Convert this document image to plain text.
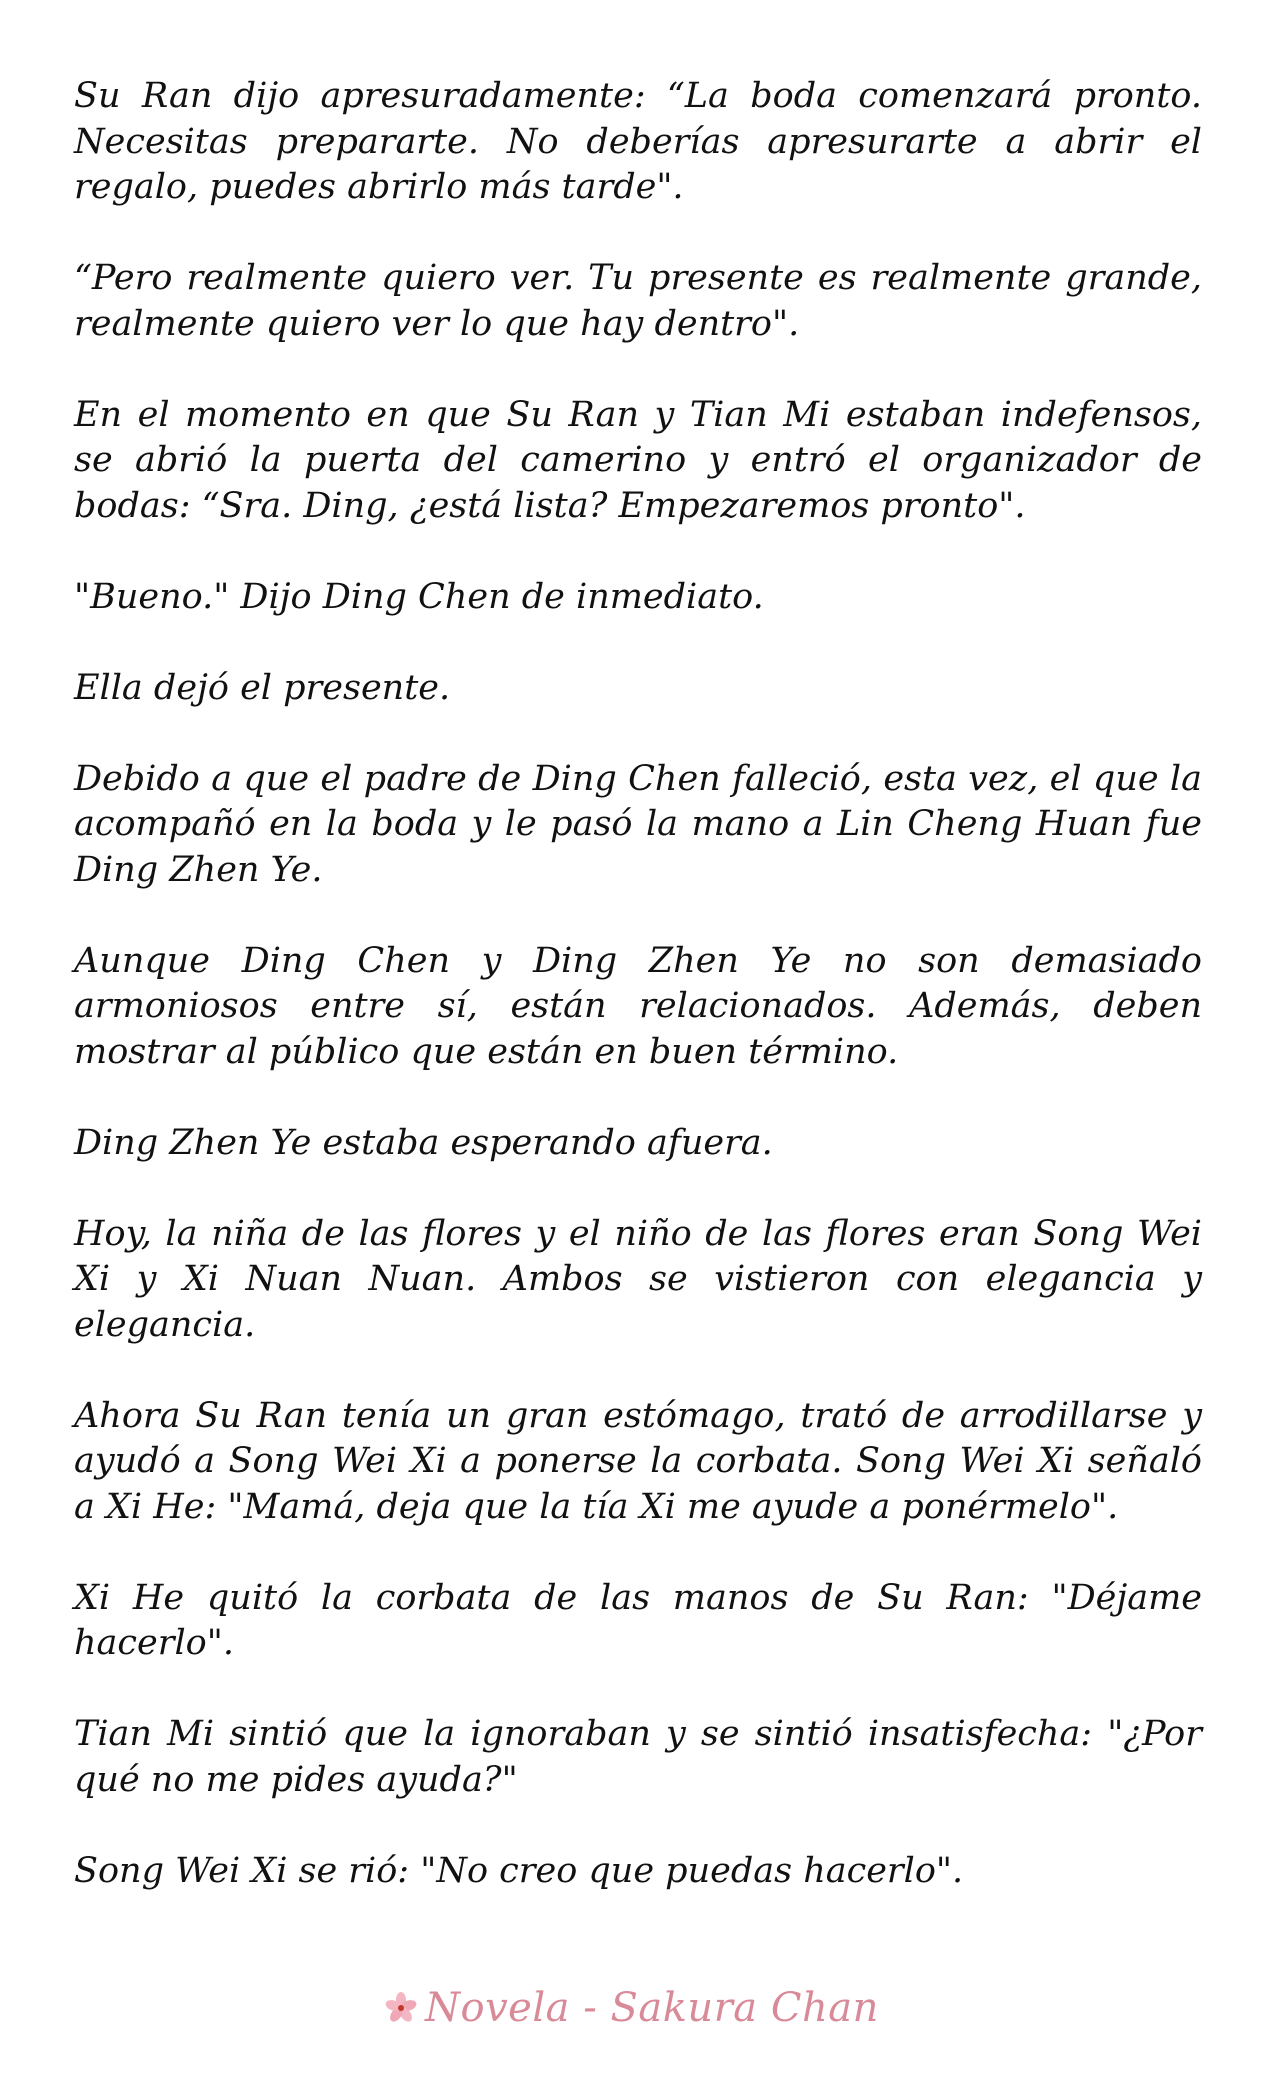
Su Ran dijo apresuradamente: “La boda comenzará pronto. Necesitas prepararte. No deberías apresurarte a abrir el regalo, puedes abrirlo más tarde".

“Pero realmente quiero ver. Tu presente es realmente grande, realmente quiero ver lo que hay dentro".

En el momento en que Su Ran y Tian Mi estaban indefensos, se abrió la puerta del camerino y entró el organizador de bodas: “Sra. Ding, ¿está lista? Empezaremos pronto".

"Bueno." Dijo Ding Chen de inmediato.

Ella dejó el presente.

Debido a que el padre de Ding Chen falleció, esta vez, el que la acompañó en la boda y le pasó la mano a Lin Cheng Huan fue Ding Zhen Ye.

Aunque Ding Chen y Ding Zhen Ye no son demasiado armoniosos entre sí, están relacionados. Además, deben mostrar al público que están en buen término.

Ding Zhen Ye estaba esperando afuera.

Hoy, la niña de las flores y el niño de las flores eran Song Wei Xi y Xi Nuan Nuan. Ambos se vistieron con elegancia y elegancia.

Ahora Su Ran tenía un gran estómago, trató de arrodillarse y ayudó a Song Wei Xi a ponerse la corbata. Song Wei Xi señaló a Xi He: "Mamá, deja que la tía Xi me ayude a ponérmelo".

Xi He quitó la corbata de las manos de Su Ran: "Déjame hacerlo".

Tian Mi sintió que la ignoraban y se sintió insatisfecha: "¿Por qué no me pides ayuda?"

Song Wei Xi se rió: "No creo que puedas hacerlo".

Novela - Sakura Chan
